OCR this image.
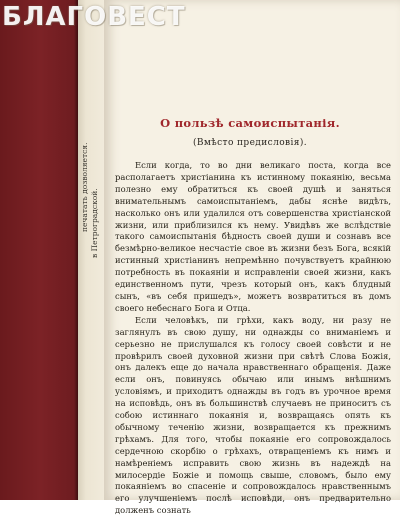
печатать дозволяется. в Петроградской.
О пользѣ самоиспытанія.
(Вмѣсто предисловія).

Если когда, то во дни великаго поста, когда все располагаетъ христіанина къ истинному покаянію, весьма полезно ему обратиться къ своей душѣ и заняться внимательнымъ самоиспытаніемъ, дабы яснѣе видѣть, насколько онъ или удалился отъ совершенства христіанской жизни, или приблизился къ нему. Увидѣвъ же вслѣдствіе такого самоиспытанія бѣдность своей души и сознавъ все безмѣрно-великое несчастіе свое въ жизни безъ Бога, всякій истинный христіанинъ непремѣнно почувствуетъ крайнюю потребность въ покаяніи и исправленіи своей жизни, какъ единственномъ пути, чрезъ который онъ, какъ блудный сынъ, «въ себя пришедъ», можетъ возвратиться въ домъ своего небеснаго Бога и Отца.

Если человѣкъ, пи грѣхи, какъ воду, ни разу не заглянулъ въ свою душу, ни однажды со вниманіемъ и серьезно не прислушался къ голосу своей совѣсти и не провѣрилъ своей духовной жизни при свѣтѣ Слова Божія, онъ далекъ еще до начала нравственнаго обращенія. Даже если онъ, повинуясь обычаю или инымъ внѣшнимъ условіямъ, и приходитъ однажды въ годъ въ урочное время на исповѣдь, онъ въ большинствѣ случаевъ не приноситъ съ собою истиннаго покаянія и, возвращаясь опять къ обычному теченію жизни, возвращается къ прежнимъ грѣхамъ. Для того, чтобы покаяніе его сопровождалось сердечною скорбію о грѣхахъ, отвращеніемъ къ нимъ и намѣреніемъ исправить свою жизнь въ надеждѣ на милосердіе Божіе и помощь свыше, словомъ, было ему покаяніемъ во спасеніе и сопровождалось нравственнымъ его улучшеніемъ послѣ исповѣди, онъ предварительно долженъ сознать

БЛАГОВЕСТ
